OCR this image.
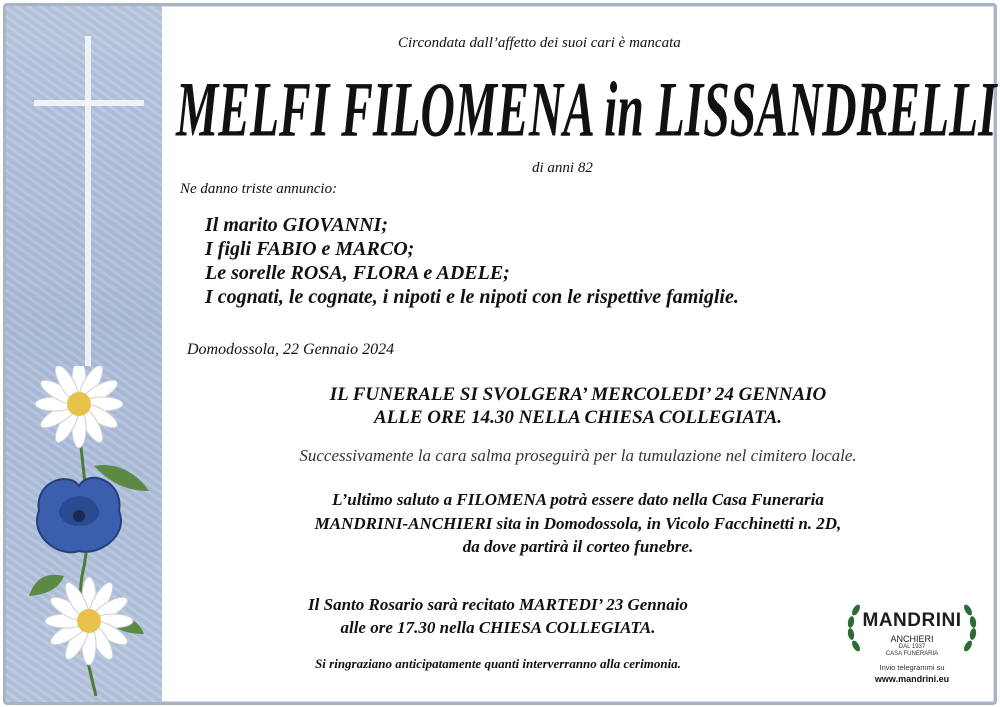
Circondata dall’affetto dei suoi cari è mancata
MELFI FILOMENA in LISSANDRELLI
di anni 82
Ne danno triste annuncio:
Il marito GIOVANNI;
I figli FABIO e MARCO;
Le sorelle ROSA, FLORA e ADELE;
I cognati, le cognate, i nipoti e le nipoti con le rispettive famiglie.
Domodossola, 22 Gennaio 2024
IL FUNERALE SI SVOLGERA’ MERCOLEDI’ 24 GENNAIO
ALLE ORE 14.30 NELLA CHIESA COLLEGIATA.
Successivamente la cara salma proseguirà per la tumulazione nel cimitero locale.
L’ultimo saluto a FILOMENA potrà essere dato nella Casa Funeraria
MANDRINI-ANCHIERI sita in Domodossola, in Vicolo Facchinetti n. 2D,
da dove partirà il corteo funebre.
Il Santo Rosario sarà recitato MARTEDI’ 23 Gennaio
alle ore 17.30 nella CHIESA COLLEGIATA.
Si ringraziano anticipatamente quanti interverranno alla cerimonia.
MANDRINI
ANCHIERI
DAL 1937
CASA FUNERARIA
Invio telegrammi su
www.mandrini.eu
